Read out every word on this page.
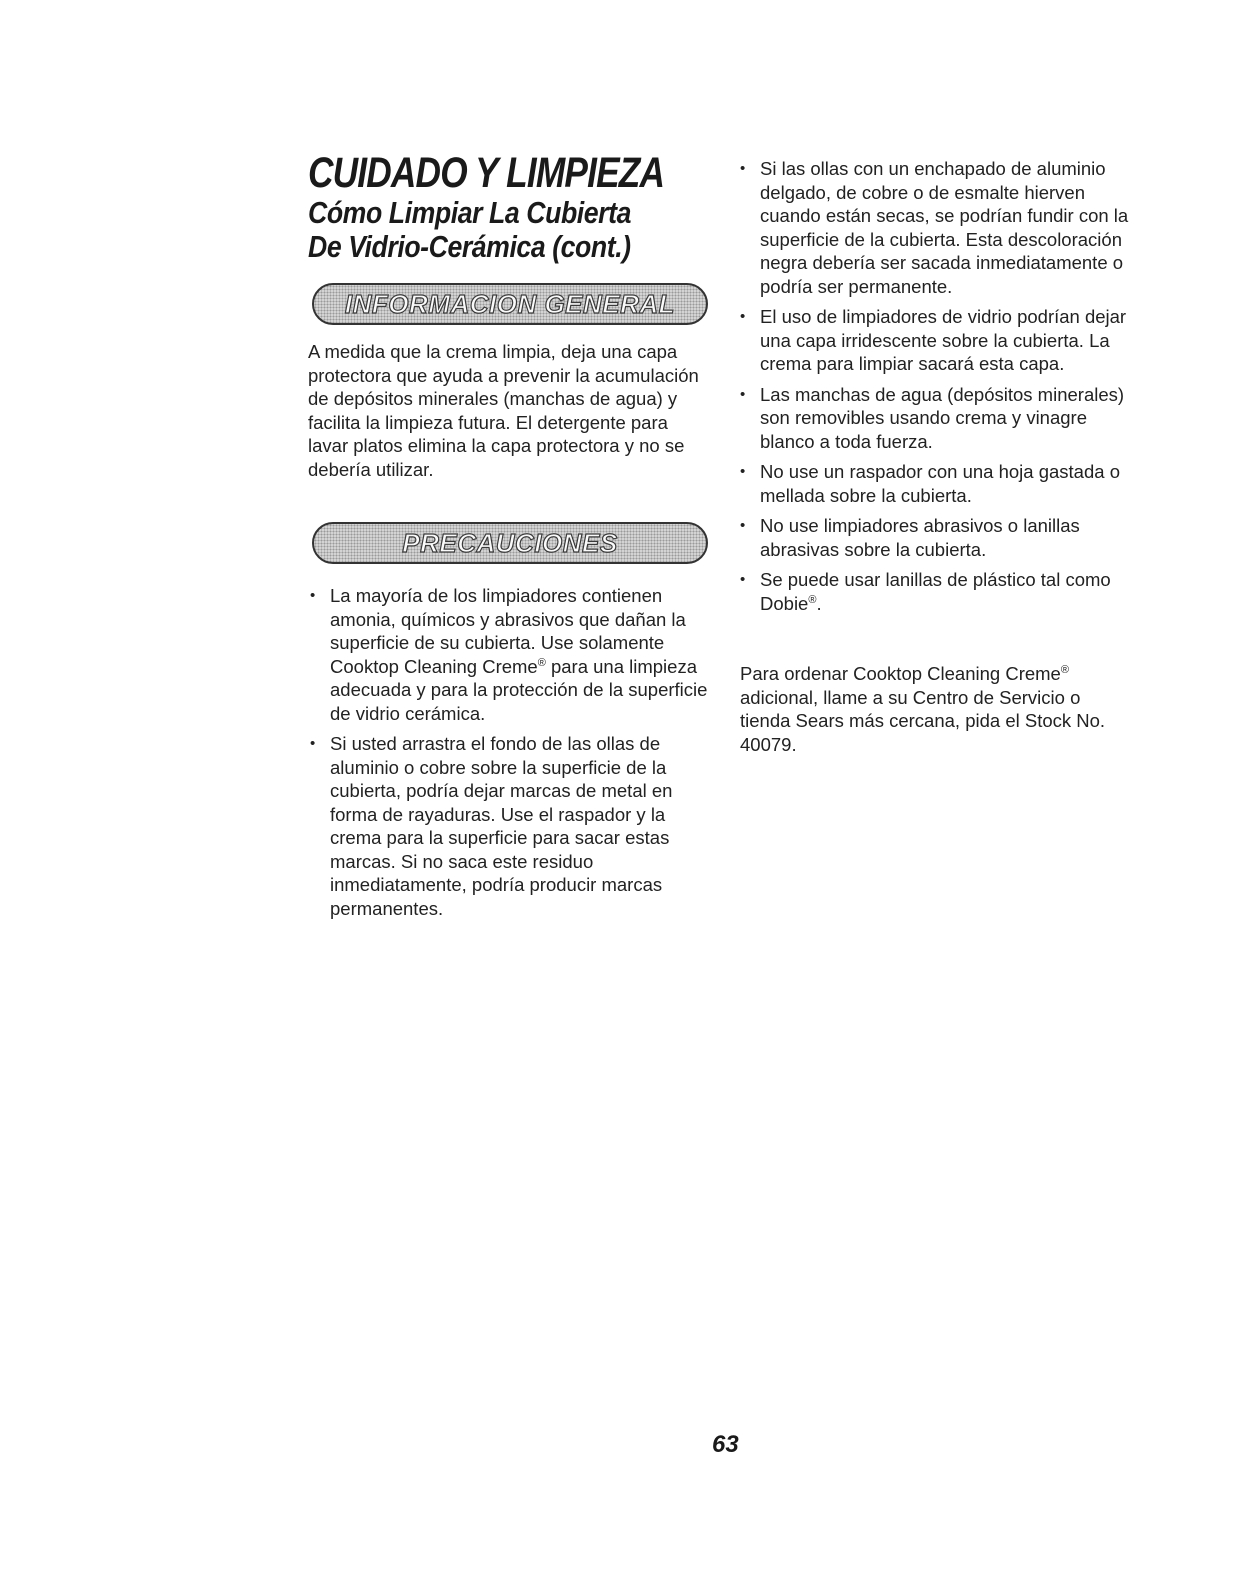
CUIDADO Y LIMPIEZA
Cómo Limpiar La Cubierta
De Vidrio-Cerámica (cont.)
INFORMACION GENERAL

A medida que la crema limpia, deja una capa protectora que ayuda a prevenir la acumulación de depósitos minerales (manchas de agua) y facilita la limpieza futura. El detergente para lavar platos elimina la capa protectora y no se debería utilizar.

PRECAUCIONES
• La mayoría de los limpiadores contienen amonia, químicos y abrasivos que dañan la superficie de su cubierta. Use solamente Cooktop Cleaning Creme® para una limpieza adecuada y para la protección de la superficie de vidrio cerámica.
• Si usted arrastra el fondo de las ollas de aluminio o cobre sobre la superficie de la cubierta, podría dejar marcas de metal en forma de rayaduras. Use el raspador y la crema para la superficie para sacar estas marcas. Si no saca este residuo inmediatamente, podría producir marcas permanentes.
• Si las ollas con un enchapado de aluminio delgado, de cobre o de esmalte hierven cuando están secas, se podrían fundir con la superficie de la cubierta. Esta descoloración negra debería ser sacada inmediatamente o podría ser permanente.
• El uso de limpiadores de vidrio podrían dejar una capa irridescente sobre la cubierta. La crema para limpiar sacará esta capa.
• Las manchas de agua (depósitos minerales) son removibles usando crema y vinagre blanco a toda fuerza.
• No use un raspador con una hoja gastada o mellada sobre la cubierta.
• No use limpiadores abrasivos o lanillas abrasivas sobre la cubierta.
• Se puede usar lanillas de plástico tal como Dobie®.

Para ordenar Cooktop Cleaning Creme® adicional, llame a su Centro de Servicio o tienda Sears más cercana, pida el Stock No. 40079.

63
